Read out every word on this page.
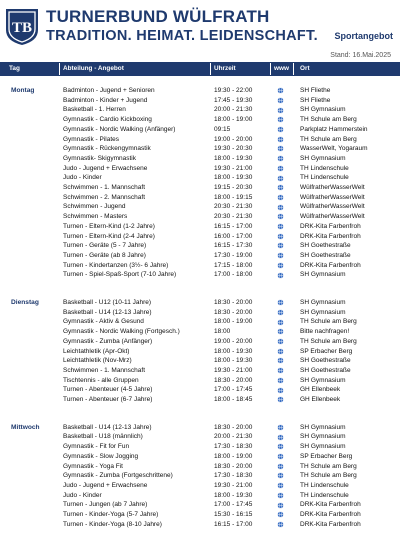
TB
TURNERBUND WÜLFRATH
TRADITION. HEIMAT. LEIDENSCHAFT. Sportangebot
Stand: 16.Mai.2025
Tag	Abteilung - Angebot	Uhrzeit	www Ort
Montag	Badminton - Jugend + Senioren	19:30 - 22:00	SH Fliethe
Badminton - Kinder + Jugend	17:45 - 19:30	SH Fliethe
Basketball - 1. Herren	20:00 - 21:30	SH Gymnasium
Gymnastik - Cardio Kickboxing	18:00 - 19:00	TH Schule am Berg
Gymnastik - Nordic Walking (Anfänger)	09:15	Parkplatz Hammerstein
Gymnastik - Pilates	19:00 - 20:00	TH Schule am Berg
Gymnastik - Rückengymnastik	19:30 - 20:30	WasserWelt, Yogaraum
Gymnastik- Skigymnastik	18:00 - 19:30	SH Gymnasium
Judo - Jugend + Erwachsene	19:30 - 21:00	TH Lindenschule
Judo - Kinder	18:00 - 19:30	TH Lindenschule
Schwimmen - 1. Mannschaft	19:15 - 20:30	WülfratherWasserWelt
Schwimmen - 2. Mannschaft	18:00 - 19:15	WülfratherWasserWelt
Schwimmen - Jugend	20:30 - 21:30	WülfratherWasserWelt
Schwimmen - Masters	20:30 - 21:30	WülfratherWasserWelt
Turnen - Eltern-Kind (1-2 Jahre)	16:15 - 17:00	DRK-Kita Farbenfroh
Turnen - Eltern-Kind (2-4 Jahre)	16:00 - 17:00	DRK-Kita Farbenfroh
Turnen - Geräte (5 - 7 Jahre)	16:15 - 17:30	SH Goethestraße
Turnen - Geräte (ab 8 Jahre)	17:30 - 19:00	SH Goethestraße
Turnen - Kindertanzen (3½- 6 Jahre)	17:15 - 18:00	DRK-Kita Farbenfroh
Turnen - Spiel-Spaß-Sport (7-10 Jahre)	17:00 - 18:00	SH Gymnasium
Dienstag	Basketball - U12 (10-11 Jahre)	18:30 - 20:00	SH Gymnasium
Basketball - U14 (12-13 Jahre)	18:30 - 20:00	SH Gymnasium
Gymnastik - Aktiv & Gesund	18:00 - 19:00	TH Schule am Berg
Gymnastik - Nordic Walking (Fortgesch.)	18:00	Bitte nachfragen!
Gymnastik - Zumba (Anfänger)	19:00 - 20:00	TH Schule am Berg
Leichtathletik (Apr-Okt)	18:00 - 19:30	SP Erbacher Berg
Leichtathletik (Nov-Mrz)	18:00 - 19:30	SH Goethestraße
Schwimmen - 1. Mannschaft	19:30 - 21:00	SH Goethestraße
Tischtennis - alle Gruppen	18:30 - 20:00	SH Gymnasium
Turnen - Abenteuer (4-5 Jahre)	17:00 - 17:45	GH Ellenbeek
Turnen - Abenteuer (6-7 Jahre)	18:00 - 18:45	GH Ellenbeek
Mittwoch	Basketball - U14 (12-13 Jahre)	18:30 - 20:00	SH Gymnasium
Basketball - U18 (männlich)	20:00 - 21:30	SH Gymnasium
Gymnastik - Fit for Fun	17:30 - 18:30	SH Gymnasium
Gymnastik - Slow Jogging	18:00 - 19:00	SP Erbacher Berg
Gymnastik - Yoga Fit	18:30 - 20:00	TH Schule am Berg
Gymnastik - Zumba (Fortgeschrittene)	17:30 - 18:30	TH Schule am Berg
Judo - Jugend + Erwachsene	19:30 - 21:00	TH Lindenschule
Judo - Kinder	18:00 - 19:30	TH Lindenschule
Turnen - Jungen (ab 7 Jahre)	17:00 - 17:45	DRK-Kita Farbenfroh
Turnen - Kinder-Yoga (5-7 Jahre)	15:30 - 16:15	DRK-Kita Farbenfroh
Turnen - Kinder-Yoga (8-10 Jahre)	16:15 - 17:00	DRK-Kita Farbenfroh
